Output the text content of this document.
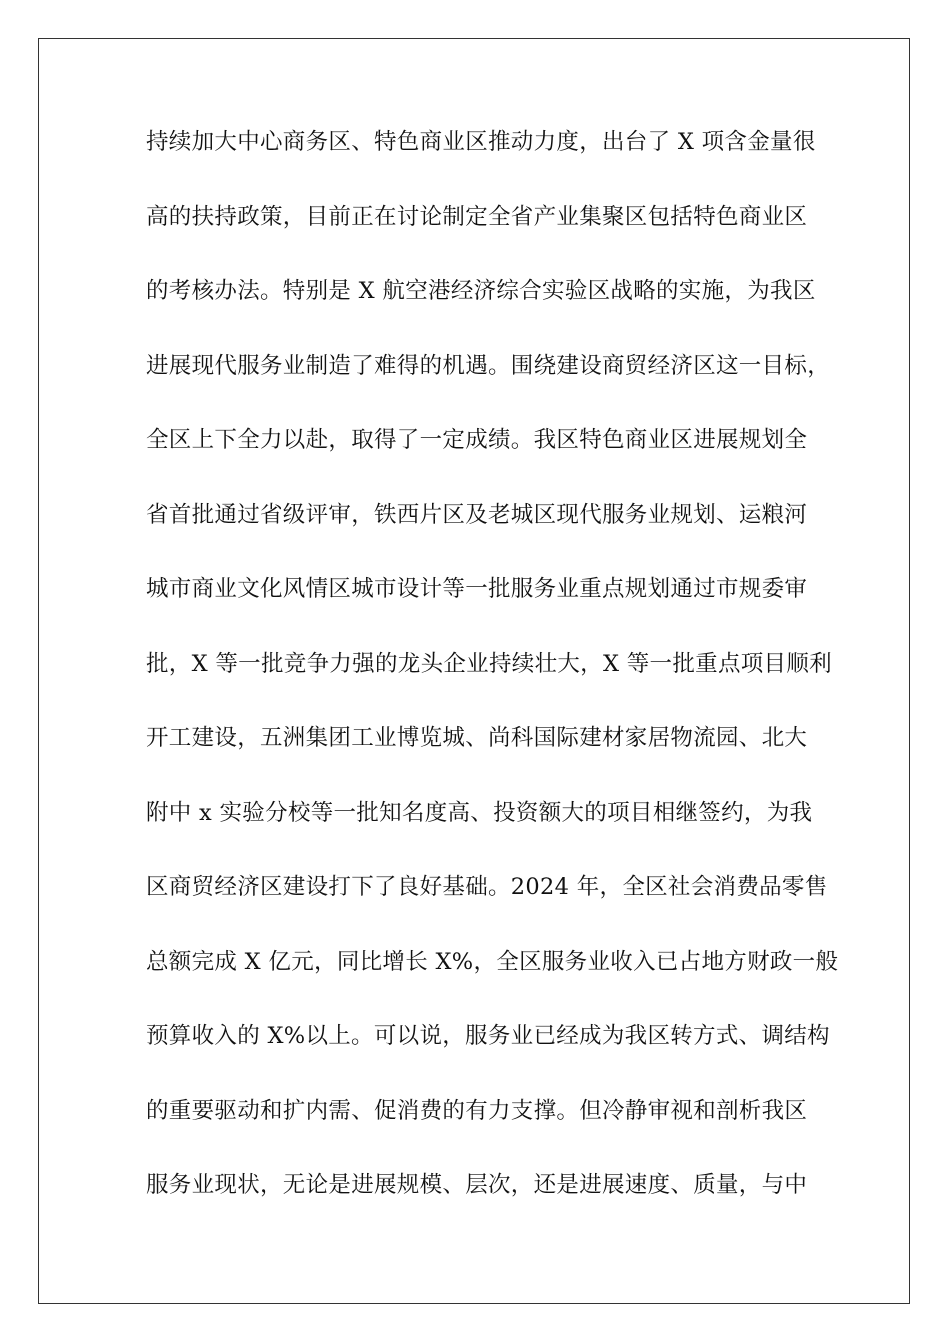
持续加大中心商务区、特色商业区推动力度，出台了 X 项含金量很
高的扶持政策，目前正在讨论制定全省产业集聚区包括特色商业区
的考核办法。特别是 X 航空港经济综合实验区战略的实施，为我区
进展现代服务业制造了难得的机遇。围绕建设商贸经济区这一目标，
全区上下全力以赴，取得了一定成绩。我区特色商业区进展规划全
省首批通过省级评审，铁西片区及老城区现代服务业规划、运粮河
城市商业文化风情区城市设计等一批服务业重点规划通过市规委审
批，X 等一批竞争力强的龙头企业持续壮大，X 等一批重点项目顺利
开工建设，五洲集团工业博览城、尚科国际建材家居物流园、北大
附中 x 实验分校等一批知名度高、投资额大的项目相继签约，为我
区商贸经济区建设打下了良好基础。2024 年，全区社会消费品零售
总额完成 X 亿元，同比增长 X%，全区服务业收入已占地方财政一般
预算收入的 X%以上。可以说，服务业已经成为我区转方式、调结构
的重要驱动和扩内需、促消费的有力支撑。但冷静审视和剖析我区
服务业现状，无论是进展规模、层次，还是进展速度、质量，与中
